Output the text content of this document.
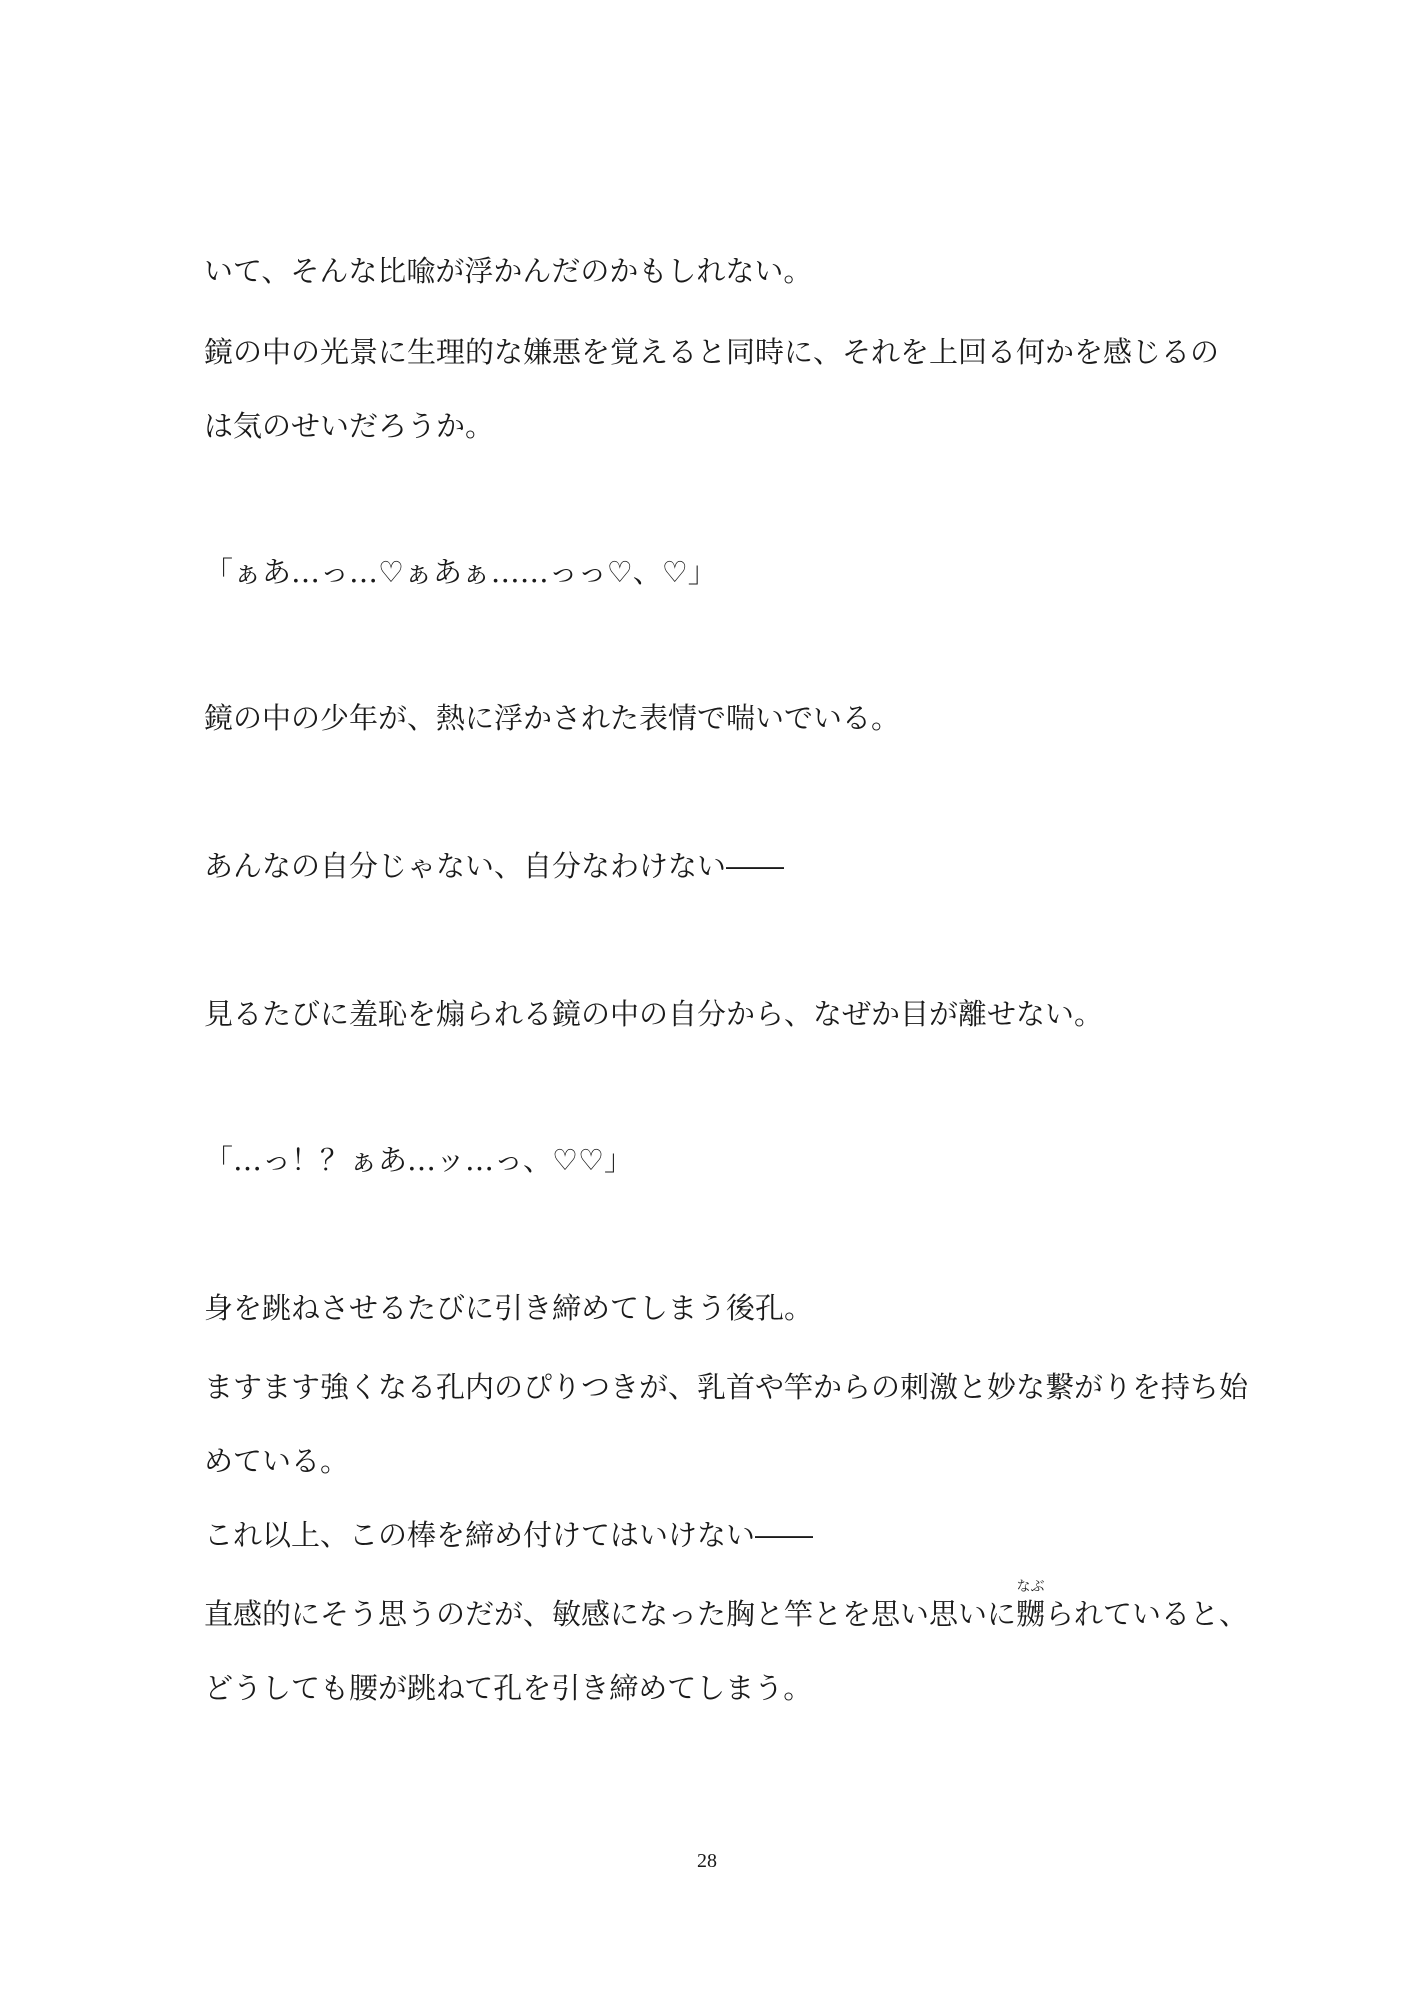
いて、そんな比喩が浮かんだのかもしれない。

鏡の中の光景に生理的な嫌悪を覚えると同時に、それを上回る何かを感じるの

は気のせいだろうか。

「ぁあ…っ…♡ぁあぁ……っっ♡、♡」

鏡の中の少年が、熱に浮かされた表情で喘いでいる。

あんなの自分じゃない、自分なわけない――

見るたびに羞恥を煽られる鏡の中の自分から、なぜか目が離せない。

「…っ！？ぁあ…ッ…っ、♡♡」

身を跳ねさせるたびに引き締めてしまう後孔。

ますます強くなる孔内のぴりつきが、乳首や竿からの刺激と妙な繋がりを持ち始

めている。

これ以上、この棒を締め付けてはいけない――

直感的にそう思うのだが、敏感になった胸と竿とを思い思いに
なぶ
嬲られていると、

どうしても腰が跳ねて孔を引き締めてしまう。

28
